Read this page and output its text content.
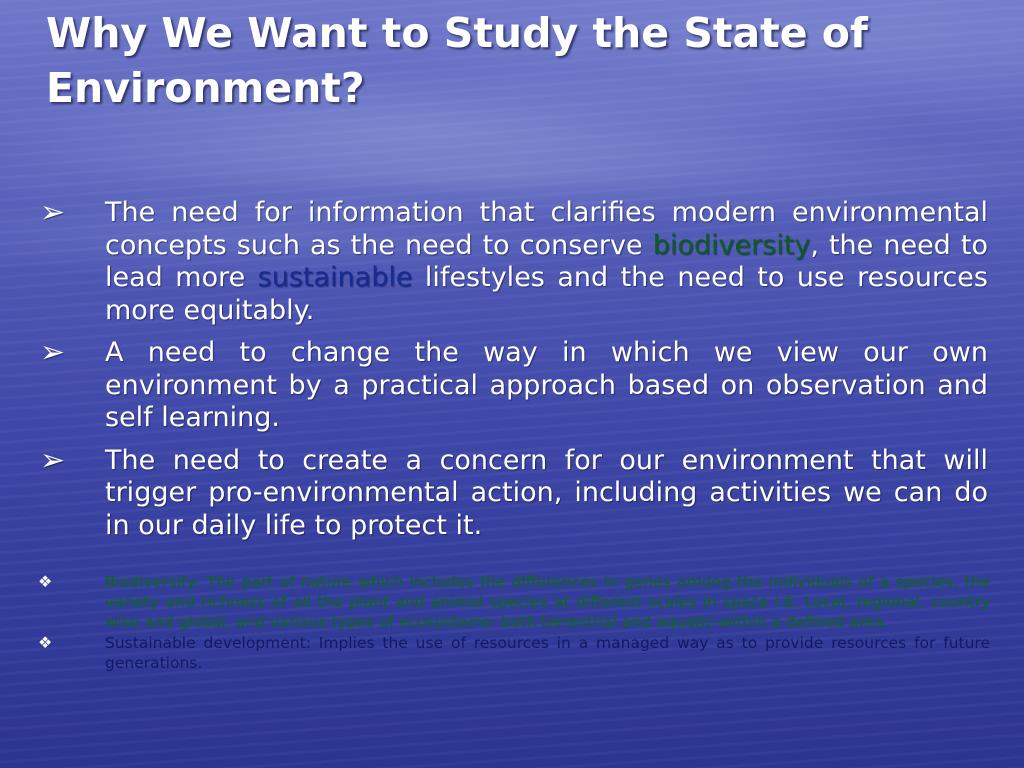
Why We Want to Study the State of Environment?
➢ The need for information that clarifies modern environmental concepts such as the need to conserve biodiversity, the need to lead more sustainable lifestyles and the need to use resources more equitably.
➢ A need to change the way in which we view our own environment by a practical approach based on observation and self learning.
➢ The need to create a concern for our environment that will trigger pro-environmental action, including activities we can do in our daily life to protect it.
❖	Biodiversity: The part of nature which includes the differences in genes among the individuals of a species, the variety and richness of all the plant and animal species at different scales in space i.E. Local, regional, country wise and global, and various types of ecosystems- both terrestrial and aquatic-within a defined area.
❖	Sustainable development: Implies the use of resources in a managed way as to provide resources for future generations.
